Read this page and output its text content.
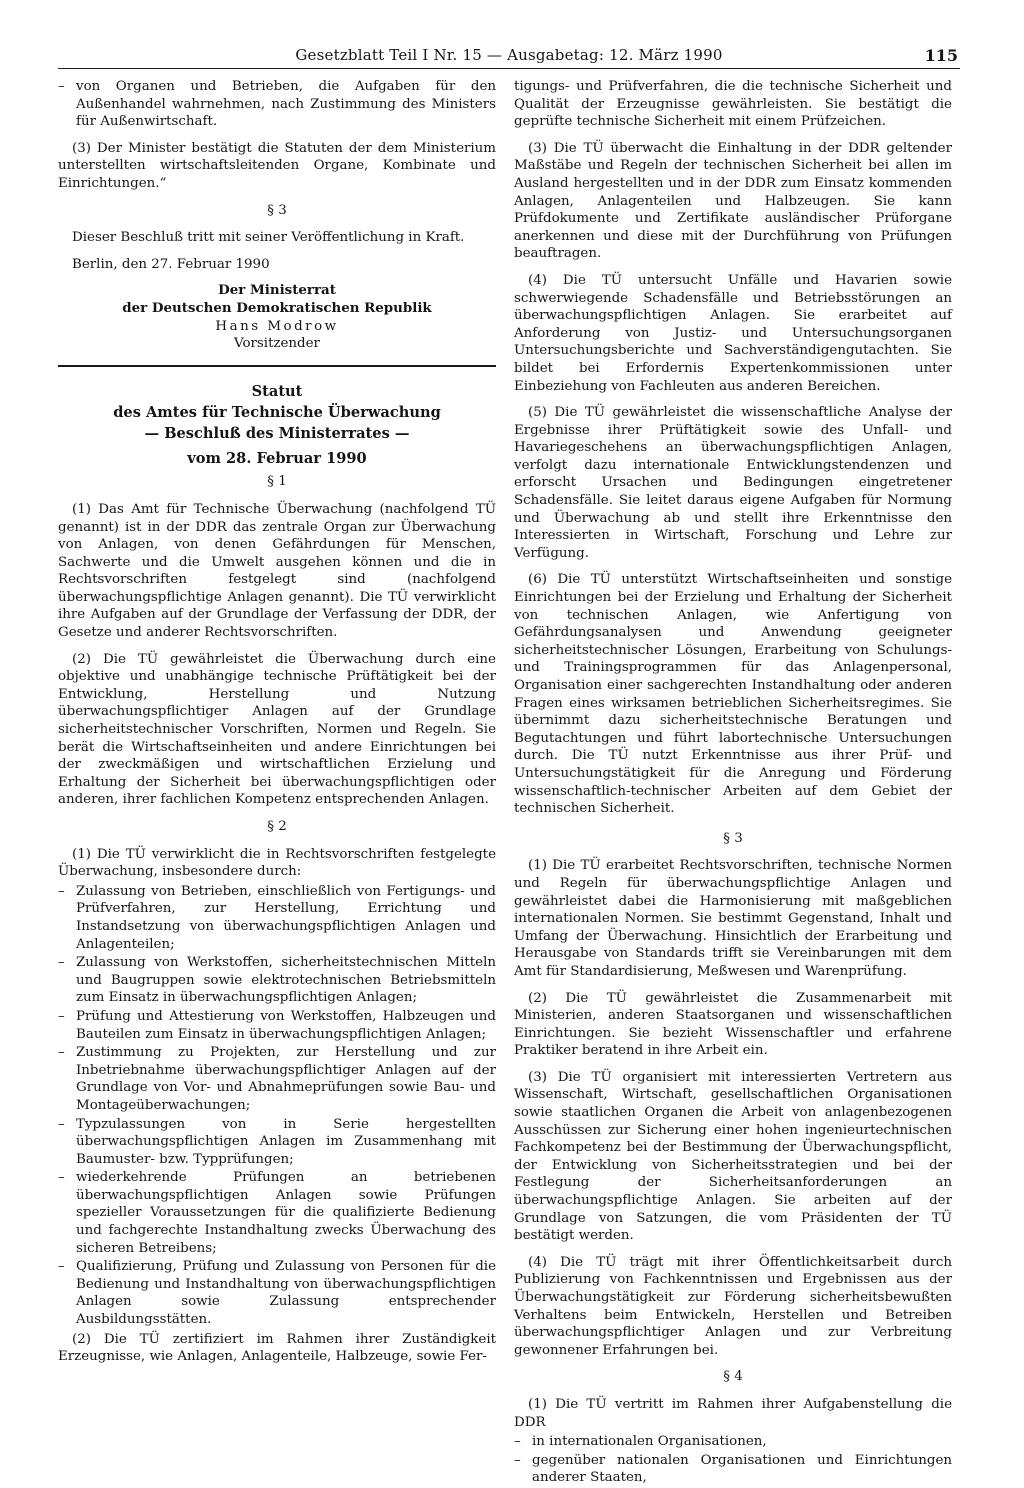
Gesetzblatt Teil I Nr. 15 — Ausgabetag: 12. März 1990	115
– von Organen und Betrieben, die Aufgaben für den Außenhandel wahrnehmen, nach Zustimmung des Ministers für Außenwirtschaft.

(3) Der Minister bestätigt die Statuten der dem Ministerium unterstellten wirtschaftsleitenden Organe, Kombinate und Einrichtungen.“

§ 3

Dieser Beschluß tritt mit seiner Veröffentlichung in Kraft.

Berlin, den 27. Februar 1990

Der Ministerrat
der Deutschen Demokratischen Republik
Hans Modrow
Vorsitzender
Statut
des Amtes für Technische Überwachung
— Beschluß des Ministerrates —
vom 28. Februar 1990
§ 1

(1) Das Amt für Technische Überwachung (nachfolgend TÜ genannt) ist in der DDR das zentrale Organ zur Überwachung von Anlagen, von denen Gefährdungen für Menschen, Sachwerte und die Umwelt ausgehen können und die in Rechtsvorschriften festgelegt sind (nachfolgend überwachungspflichtige Anlagen genannt). Die TÜ verwirklicht ihre Aufgaben auf der Grundlage der Verfassung der DDR, der Gesetze und anderer Rechtsvorschriften.

(2) Die TÜ gewährleistet die Überwachung durch eine objektive und unabhängige technische Prüftätigkeit bei der Entwicklung, Herstellung und Nutzung überwachungspflichtiger Anlagen auf der Grundlage sicherheitstechnischer Vorschriften, Normen und Regeln. Sie berät die Wirtschaftseinheiten und andere Einrichtungen bei der zweckmäßigen und wirtschaftlichen Erzielung und Erhaltung der Sicherheit bei überwachungspflichtigen oder anderen, ihrer fachlichen Kompetenz entsprechenden Anlagen.

§ 2

(1) Die TÜ verwirklicht die in Rechtsvorschriften festgelegte Überwachung, insbesondere durch:

– Zulassung von Betrieben, einschließlich von Fertigungs- und Prüfverfahren, zur Herstellung, Errichtung und Instandsetzung von überwachungspflichtigen Anlagen und Anlagenteilen;
– Zulassung von Werkstoffen, sicherheitstechnischen Mitteln und Baugruppen sowie elektrotechnischen Betriebsmitteln zum Einsatz in überwachungspflichtigen Anlagen;
– Prüfung und Attestierung von Werkstoffen, Halbzeugen und Bauteilen zum Einsatz in überwachungspflichtigen Anlagen;
– Zustimmung zu Projekten, zur Herstellung und zur Inbetriebnahme überwachungspflichtiger Anlagen auf der Grundlage von Vor- und Abnahmeprüfungen sowie Bau- und Montageüberwachungen;
– Typzulassungen von in Serie hergestellten überwachungspflichtigen Anlagen im Zusammenhang mit Baumuster- bzw. Typprüfungen;
– wiederkehrende Prüfungen an betriebenen überwachungspflichtigen Anlagen sowie Prüfungen spezieller Voraussetzungen für die qualifizierte Bedienung und fachgerechte Instandhaltung zwecks Überwachung des sicheren Betreibens;
– Qualifizierung, Prüfung und Zulassung von Personen für die Bedienung und Instandhaltung von überwachungspflichtigen Anlagen sowie Zulassung entsprechender Ausbildungsstätten.

(2) Die TÜ zertifiziert im Rahmen ihrer Zuständigkeit Erzeugnisse, wie Anlagen, Anlagenteile, Halbzeuge, sowie Fer-

tigungs- und Prüfverfahren, die die technische Sicherheit und Qualität der Erzeugnisse gewährleisten. Sie bestätigt die geprüfte technische Sicherheit mit einem Prüfzeichen.

(3) Die TÜ überwacht die Einhaltung in der DDR geltender Maßstäbe und Regeln der technischen Sicherheit bei allen im Ausland hergestellten und in der DDR zum Einsatz kommenden Anlagen, Anlagenteilen und Halbzeugen. Sie kann Prüfdokumente und Zertifikate ausländischer Prüforgane anerkennen und diese mit der Durchführung von Prüfungen beauftragen.

(4) Die TÜ untersucht Unfälle und Havarien sowie schwerwiegende Schadensfälle und Betriebsstörungen an überwachungspflichtigen Anlagen. Sie erarbeitet auf Anforderung von Justiz- und Untersuchungsorganen Untersuchungsberichte und Sachverständigengutachten. Sie bildet bei Erfordernis Expertenkommissionen unter Einbeziehung von Fachleuten aus anderen Bereichen.

(5) Die TÜ gewährleistet die wissenschaftliche Analyse der Ergebnisse ihrer Prüftätigkeit sowie des Unfall- und Havariegeschehens an überwachungspflichtigen Anlagen, verfolgt dazu internationale Entwicklungstendenzen und erforscht Ursachen und Bedingungen eingetretener Schadensfälle. Sie leitet daraus eigene Aufgaben für Normung und Überwachung ab und stellt ihre Erkenntnisse den Interessierten in Wirtschaft, Forschung und Lehre zur Verfügung.

(6) Die TÜ unterstützt Wirtschaftseinheiten und sonstige Einrichtungen bei der Erzielung und Erhaltung der Sicherheit von technischen Anlagen, wie Anfertigung von Gefährdungsanalysen und Anwendung geeigneter sicherheitstechnischer Lösungen, Erarbeitung von Schulungs- und Trainingsprogrammen für das Anlagenpersonal, Organisation einer sachgerechten Instandhaltung oder anderen Fragen eines wirksamen betrieblichen Sicherheitsregimes. Sie übernimmt dazu sicherheitstechnische Beratungen und Begutachtungen und führt labortechnische Untersuchungen durch. Die TÜ nutzt Erkenntnisse aus ihrer Prüf- und Untersuchungstätigkeit für die Anregung und Förderung wissenschaftlich-technischer Arbeiten auf dem Gebiet der technischen Sicherheit.

§ 3

(1) Die TÜ erarbeitet Rechtsvorschriften, technische Normen und Regeln für überwachungspflichtige Anlagen und gewährleistet dabei die Harmonisierung mit maßgeblichen internationalen Normen. Sie bestimmt Gegenstand, Inhalt und Umfang der Überwachung. Hinsichtlich der Erarbeitung und Herausgabe von Standards trifft sie Vereinbarungen mit dem Amt für Standardisierung, Meßwesen und Warenprüfung.

(2) Die TÜ gewährleistet die Zusammenarbeit mit Ministerien, anderen Staatsorganen und wissenschaftlichen Einrichtungen. Sie bezieht Wissenschaftler und erfahrene Praktiker beratend in ihre Arbeit ein.

(3) Die TÜ organisiert mit interessierten Vertretern aus Wissenschaft, Wirtschaft, gesellschaftlichen Organisationen sowie staatlichen Organen die Arbeit von anlagenbezogenen Ausschüssen zur Sicherung einer hohen ingenieurtechnischen Fachkompetenz bei der Bestimmung der Überwachungspflicht, der Entwicklung von Sicherheitsstrategien und bei der Festlegung der Sicherheitsanforderungen an überwachungspflichtige Anlagen. Sie arbeiten auf der Grundlage von Satzungen, die vom Präsidenten der TÜ bestätigt werden.

(4) Die TÜ trägt mit ihrer Öffentlichkeitsarbeit durch Publizierung von Fachkenntnissen und Ergebnissen aus der Überwachungstätigkeit zur Förderung sicherheitsbewußten Verhaltens beim Entwickeln, Herstellen und Betreiben überwachungspflichtiger Anlagen und zur Verbreitung gewonnener Erfahrungen bei.

§ 4

(1) Die TÜ vertritt im Rahmen ihrer Aufgabenstellung die DDR

– in internationalen Organisationen,
– gegenüber nationalen Organisationen und Einrichtungen anderer Staaten,
